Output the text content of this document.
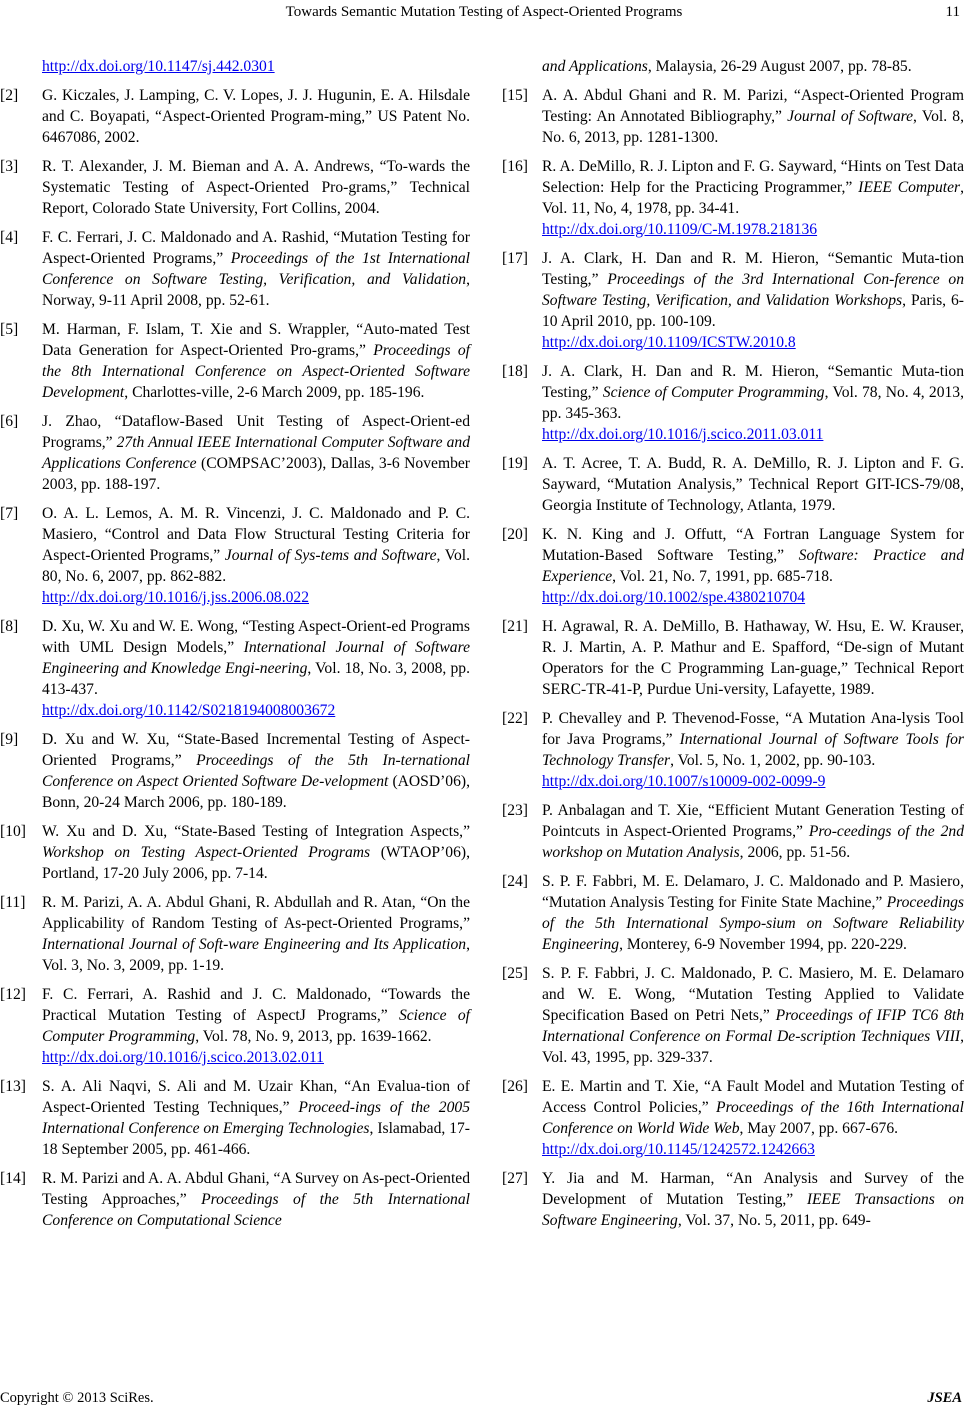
Towards Semantic Mutation Testing of Aspect-Oriented Programs	11
http://dx.doi.org/10.1147/sj.442.0301
[2] G. Kiczales, J. Lamping, C. V. Lopes, J. J. Hugunin, E. A. Hilsdale and C. Boyapati, “Aspect-Oriented Program-ming,” US Patent No. 6467086, 2002.
[3] R. T. Alexander, J. M. Bieman and A. A. Andrews, “To-wards the Systematic Testing of Aspect-Oriented Pro-grams,” Technical Report, Colorado State University, Fort Collins, 2004.
[4] F. C. Ferrari, J. C. Maldonado and A. Rashid, “Mutation Testing for Aspect-Oriented Programs,” Proceedings of the 1st International Conference on Software Testing, Verification, and Validation, Norway, 9-11 April 2008, pp. 52-61.
[5] M. Harman, F. Islam, T. Xie and S. Wrappler, “Auto-mated Test Data Generation for Aspect-Oriented Pro-grams,” Proceedings of the 8th International Conference on Aspect-Oriented Software Development, Charlottes-ville, 2-6 March 2009, pp. 185-196.
[6] J. Zhao, “Dataflow-Based Unit Testing of Aspect-Orient-ed Programs,” 27th Annual IEEE International Computer Software and Applications Conference (COMPSAC’2003), Dallas, 3-6 November 2003, pp. 188-197.
[7] O. A. L. Lemos, A. M. R. Vincenzi, J. C. Maldonado and P. C. Masiero, “Control and Data Flow Structural Testing Criteria for Aspect-Oriented Programs,” Journal of Sys-tems and Software, Vol. 80, No. 6, 2007, pp. 862-882.
http://dx.doi.org/10.1016/j.jss.2006.08.022
[8] D. Xu, W. Xu and W. E. Wong, “Testing Aspect-Orient-ed Programs with UML Design Models,” International Journal of Software Engineering and Knowledge Engi-neering, Vol. 18, No. 3, 2008, pp. 413-437.
http://dx.doi.org/10.1142/S0218194008003672
[9] D. Xu and W. Xu, “State-Based Incremental Testing of Aspect-Oriented Programs,” Proceedings of the 5th In-ternational Conference on Aspect Oriented Software De-velopment (AOSD’06), Bonn, 20-24 March 2006, pp. 180-189.
[10] W. Xu and D. Xu, “State-Based Testing of Integration Aspects,” Workshop on Testing Aspect-Oriented Programs (WTAOP’06), Portland, 17-20 July 2006, pp. 7-14.
[11] R. M. Parizi, A. A. Abdul Ghani, R. Abdullah and R. Atan, “On the Applicability of Random Testing of As-pect-Oriented Programs,” International Journal of Soft-ware Engineering and Its Application, Vol. 3, No. 3, 2009, pp. 1-19.
[12] F. C. Ferrari, A. Rashid and J. C. Maldonado, “Towards the Practical Mutation Testing of AspectJ Programs,” Science of Computer Programming, Vol. 78, No. 9, 2013, pp. 1639-1662.
http://dx.doi.org/10.1016/j.scico.2013.02.011
[13] S. A. Ali Naqvi, S. Ali and M. Uzair Khan, “An Evalua-tion of Aspect-Oriented Testing Techniques,” Proceed-ings of the 2005 International Conference on Emerging Technologies, Islamabad, 17-18 September 2005, pp. 461-466.
[14] R. M. Parizi and A. A. Abdul Ghani, “A Survey on As-pect-Oriented Testing Approaches,” Proceedings of the 5th International Conference on Computational Science
and Applications, Malaysia, 26-29 August 2007, pp. 78-85.
[15] A. A. Abdul Ghani and R. M. Parizi, “Aspect-Oriented Program Testing: An Annotated Bibliography,” Journal of Software, Vol. 8, No. 6, 2013, pp. 1281-1300.
[16] R. A. DeMillo, R. J. Lipton and F. G. Sayward, “Hints on Test Data Selection: Help for the Practicing Programmer,” IEEE Computer, Vol. 11, No, 4, 1978, pp. 34-41.
http://dx.doi.org/10.1109/C-M.1978.218136
[17] J. A. Clark, H. Dan and R. M. Hieron, “Semantic Muta-tion Testing,” Proceedings of the 3rd International Con-ference on Software Testing, Verification, and Validation Workshops, Paris, 6-10 April 2010, pp. 100-109.
http://dx.doi.org/10.1109/ICSTW.2010.8
[18] J. A. Clark, H. Dan and R. M. Hieron, “Semantic Muta-tion Testing,” Science of Computer Programming, Vol. 78, No. 4, 2013, pp. 345-363.
http://dx.doi.org/10.1016/j.scico.2011.03.011
[19] A. T. Acree, T. A. Budd, R. A. DeMillo, R. J. Lipton and F. G. Sayward, “Mutation Analysis,” Technical Report GIT-ICS-79/08, Georgia Institute of Technology, Atlanta, 1979.
[20] K. N. King and J. Offutt, “A Fortran Language System for Mutation-Based Software Testing,” Software: Practice and Experience, Vol. 21, No. 7, 1991, pp. 685-718.
http://dx.doi.org/10.1002/spe.4380210704
[21] H. Agrawal, R. A. DeMillo, B. Hathaway, W. Hsu, E. W. Krauser, R. J. Martin, A. P. Mathur and E. Spafford, “De-sign of Mutant Operators for the C Programming Lan-guage,” Technical Report SERC-TR-41-P, Purdue Uni-versity, Lafayette, 1989.
[22] P. Chevalley and P. Thevenod-Fosse, “A Mutation Ana-lysis Tool for Java Programs,” International Journal of Software Tools for Technology Transfer, Vol. 5, No. 1, 2002, pp. 90-103.
http://dx.doi.org/10.1007/s10009-002-0099-9
[23] P. Anbalagan and T. Xie, “Efficient Mutant Generation Testing of Pointcuts in Aspect-Oriented Programs,” Pro-ceedings of the 2nd workshop on Mutation Analysis, 2006, pp. 51-56.
[24] S. P. F. Fabbri, M. E. Delamaro, J. C. Maldonado and P. Masiero, “Mutation Analysis Testing for Finite State Machine,” Proceedings of the 5th International Sympo-sium on Software Reliability Engineering, Monterey, 6-9 November 1994, pp. 220-229.
[25] S. P. F. Fabbri, J. C. Maldonado, P. C. Masiero, M. E. Delamaro and W. E. Wong, “Mutation Testing Applied to Validate Specification Based on Petri Nets,” Proceedings of IFIP TC6 8th International Conference on Formal De-scription Techniques VIII, Vol. 43, 1995, pp. 329-337.
[26] E. E. Martin and T. Xie, “A Fault Model and Mutation Testing of Access Control Policies,” Proceedings of the 16th International Conference on World Wide Web, May 2007, pp. 667-676.
http://dx.doi.org/10.1145/1242572.1242663
[27] Y. Jia and M. Harman, “An Analysis and Survey of the Development of Mutation Testing,” IEEE Transactions on Software Engineering, Vol. 37, No. 5, 2011, pp. 649-
Copyright © 2013 SciRes.	JSEA
